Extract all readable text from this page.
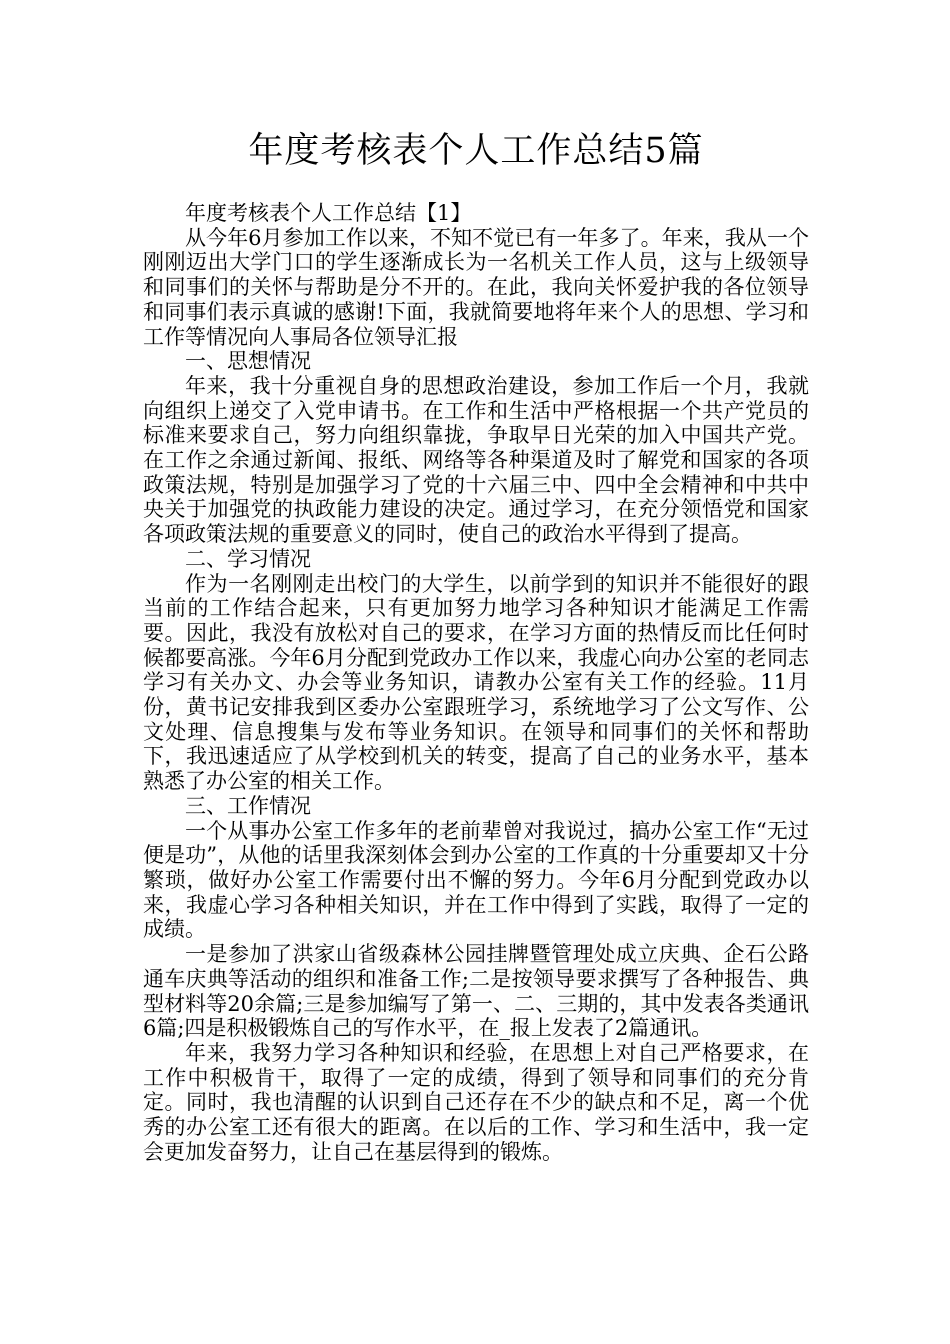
年度考核表个人工作总结5篇

年度考核表个人工作总结【1】

从今年6月参加工作以来，不知不觉已有一年多了。年来，我从一个刚刚迈出大学门口的学生逐渐成长为一名机关工作人员，这与上级领导和同事们的关怀与帮助是分不开的。在此，我向关怀爱护我的各位领导和同事们表示真诚的感谢!下面，我就简要地将年来个人的思想、学习和工作等情况向人事局各位领导汇报

一、思想情况

年来，我十分重视自身的思想政治建设，参加工作后一个月，我就向组织上递交了入党申请书。在工作和生活中严格根据一个共产党员的标准来要求自己，努力向组织靠拢，争取早日光荣的加入中国共产党。在工作之余通过新闻、报纸、网络等各种渠道及时了解党和国家的各项政策法规，特别是加强学习了党的十六届三中、四中全会精神和中共中央关于加强党的执政能力建设的决定。通过学习，在充分领悟党和国家各项政策法规的重要意义的同时，使自己的政治水平得到了提高。

二、学习情况

作为一名刚刚走出校门的大学生，以前学到的知识并不能很好的跟当前的工作结合起来，只有更加努力地学习各种知识才能满足工作需要。因此，我没有放松对自己的要求，在学习方面的热情反而比任何时候都要高涨。今年6月分配到党政办工作以来，我虚心向办公室的老同志学习有关办文、办会等业务知识，请教办公室有关工作的经验。11月份，黄书记安排我到区委办公室跟班学习，系统地学习了公文写作、公文处理、信息搜集与发布等业务知识。在领导和同事们的关怀和帮助下，我迅速适应了从学校到机关的转变，提高了自己的业务水平，基本熟悉了办公室的相关工作。

三、工作情况

一个从事办公室工作多年的老前辈曾对我说过，搞办公室工作“无过便是功”，从他的话里我深刻体会到办公室的工作真的十分重要却又十分繁琐，做好办公室工作需要付出不懈的努力。今年6月分配到党政办以来，我虚心学习各种相关知识，并在工作中得到了实践，取得了一定的成绩。

一是参加了洪家山省级森林公园挂牌暨管理处成立庆典、企石公路通车庆典等活动的组织和准备工作;二是按领导要求撰写了各种报告、典型材料等20余篇;三是参加编写了第一、二、三期的，其中发表各类通讯6篇;四是积极锻炼自己的写作水平，在_报上发表了2篇通讯。

年来，我努力学习各种知识和经验，在思想上对自己严格要求，在工作中积极肯干，取得了一定的成绩，得到了领导和同事们的充分肯定。同时，我也清醒的认识到自己还存在不少的缺点和不足，离一个优秀的办公室工还有很大的距离。在以后的工作、学习和生活中，我一定会更加发奋努力，让自己在基层得到的锻炼。
